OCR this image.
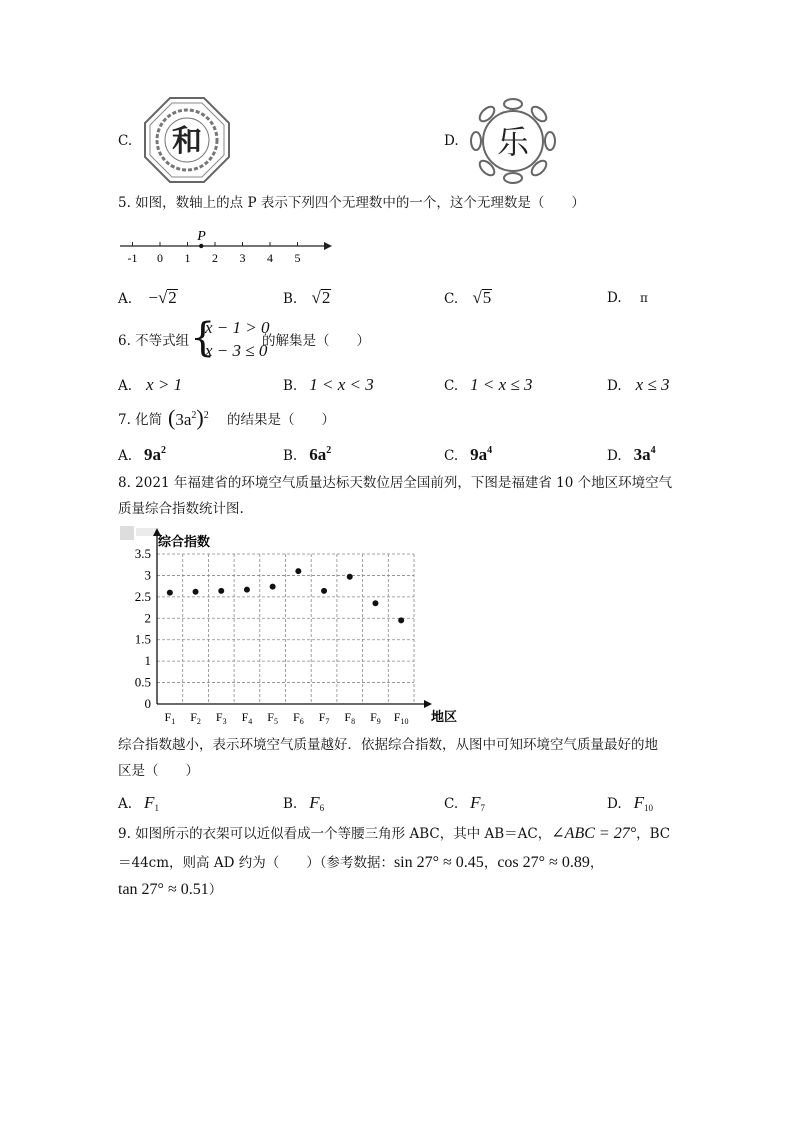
C. 和	D. 乐
5. 如图，数轴上的点 P 表示下列四个无理数中的一个，这个无理数是（　　）
-1 0 1 2 3 4 5
P
A. −√2	B. √2	C. √5	D. π
6. 不等式组 {
x − 1 > 0
x − 3 ≤ 0
的解集是（　　）
A. x > 1	B. 1 < x < 3	C. 1 < x ≤ 3	D. x ≤ 3
7. 化简 $(3a^2)^2$ 的结果是（　　）
A. $9a^2$	B. $6a^2$	C. $9a^4$	D. $3a^4$
8. 2021 年福建省的环境空气质量达标天数位居全国前列，下图是福建省 10 个地区环境空气
质量综合指数统计图.
0
0.5
1
1.5
2
2.5
3
3.5
$F_1$ $F_2$ $F_3$ $F_4$ $F_5$ $F_6$ $F_7$ $F_8$ $F_9$ $F_{10}$
综合指数
地区
综合指数越小，表示环境空气质量越好．依据综合指数，从图中可知环境空气质量最好的地
区是（　　）
A. $F_1$	B. $F_6$	C. $F_7$	D. $F_{10}$
9. 如图所示的衣架可以近似看成一个等腰三角形 ABC，其中 AB＝AC，∠ABC = 27°，BC
＝44cm，则高 AD 约为（　　）（参考数据：sin 27° ≈ 0.45，cos 27° ≈ 0.89，
tan 27° ≈ 0.51）
